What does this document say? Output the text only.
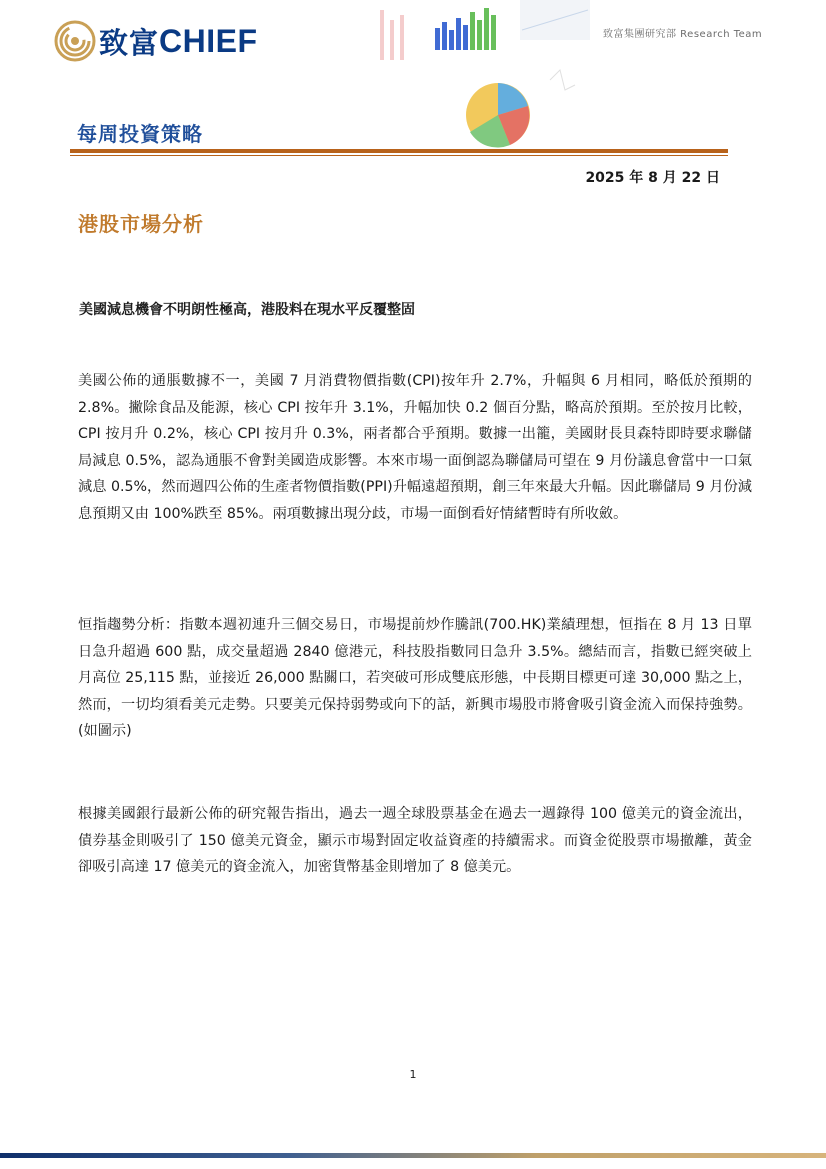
致富 CHIEF	致富集團研究部 Research Team
每周投資策略
2025 年 8 月 22 日
港股市場分析
美國減息機會不明朗性極高，港股料在現水平反覆整固

美國公佈的通脹數據不一，美國 7 月消費物價指數(CPI)按年升 2.7%，升幅與 6 月相同，略低於預期的 2.8%。撇除食品及能源，核心 CPI 按年升 3.1%，升幅加快 0.2 個百分點，略高於預期。至於按月比較，CPI 按月升 0.2%，核心 CPI 按月升 0.3%，兩者都合乎預期。數據一出籠，美國財長貝森特即時要求聯儲局減息 0.5%，認為通脹不會對美國造成影響。本來市場一面倒認為聯儲局可望在 9 月份議息會當中一口氣減息 0.5%，然而週四公佈的生產者物價指數(PPI)升幅遠超預期，創三年來最大升幅。因此聯儲局 9 月份減息預期又由 100%跌至 85%。兩項數據出現分歧，市場一面倒看好情緒暫時有所收斂。

恒指趨勢分析：指數本週初連升三個交易日，市場提前炒作騰訊(700.HK)業績理想，恒指在 8 月 13 日單日急升超過 600 點，成交量超過 2840 億港元，科技股指數同日急升 3.5%。總結而言，指數已經突破上月高位 25,115 點，並接近 26,000 點關口，若突破可形成雙底形態，中長期目標更可達 30,000 點之上，然而，一切均須看美元走勢。只要美元保持弱勢或向下的話，新興市場股市將會吸引資金流入而保持強勢。(如圖示)

根據美國銀行最新公佈的研究報告指出，過去一週全球股票基金在過去一週錄得 100 億美元的資金流出，債券基金則吸引了 150 億美元資金，顯示市場對固定收益資產的持續需求。而資金從股票市場撤離，黃金卻吸引高達 17 億美元的資金流入，加密貨幣基金則增加了 8 億美元。

1
